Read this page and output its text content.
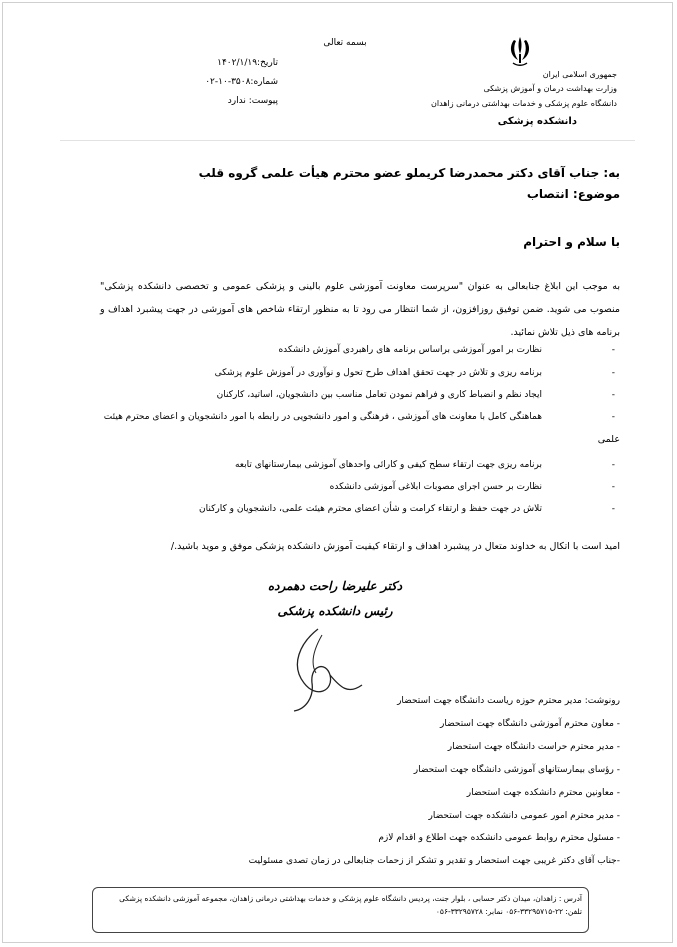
بسمه تعالی
جمهوری اسلامی ایران
وزارت بهداشت درمان و آموزش پزشکی
دانشگاه علوم پزشکی و خدمات بهداشتی درمانی زاهدان
دانشکده پزشکی
تاریخ:۱۴۰۲/۱/۱۹
شماره:۳۵۰۸-۱۰-۰۲
پیوست: ندارد
به: جناب آقای دکتر محمدرضا کریملو عضو محترم هیأت علمی گروه قلب
موضوع: انتصاب
با سلام و احترام
به موجب این ابلاغ جنابعالی به عنوان "سرپرست معاونت آموزشی علوم بالینی و پزشکی عمومی و تخصصی دانشکده پزشکی" منصوب می شوید. ضمن توفیق روزافزون، از شما انتظار می رود تا به منظور ارتقاء شاخص های آموزشی در جهت پیشبرد اهداف و برنامه های ذیل تلاش نمائید.
-
نظارت بر امور آموزشی براساس برنامه های راهبردی آموزش دانشکده
-
برنامه ریزی و تلاش در جهت تحقق اهداف طرح تحول و نوآوری در آموزش علوم پزشکی
-
ایجاد نظم و انضباط کاری و فراهم نمودن تعامل مناسب بین دانشجویان، اساتید، کارکنان
-
هماهنگی کامل با معاونت های آموزشی ، فرهنگی و امور دانشجویی در رابطه با امور دانشجویان و اعضای محترم هیئت
علمی
-
برنامه ریزی جهت ارتقاء سطح کیفی و کارائی واحدهای آموزشی بیمارستانهای تابعه
-
نظارت بر حسن اجرای مصوبات ابلاغی آموزشی دانشکده
-
تلاش در جهت حفظ و ارتقاء کرامت و شأن اعضای محترم هیئت علمی، دانشجویان و کارکنان
امید است با اتکال به خداوند متعال در پیشبرد اهداف و ارتقاء کیفیت آموزش دانشکده پزشکی موفق و موید باشید./
دکتر علیرضا راحت دهمرده
رئیس دانشکده پزشکی
رونوشت: مدیر محترم حوزه ریاست دانشگاه جهت استحضار
- معاون محترم آموزشی دانشگاه جهت استحضار
- مدیر محترم حراست دانشگاه جهت استحضار
- رؤسای بیمارستانهای آموزشی دانشگاه جهت استحضار
- معاونین محترم دانشکده جهت استحضار
- مدیر محترم امور عمومی دانشکده جهت استحضار
- مسئول محترم روابط عمومی دانشکده جهت اطلاع و اقدام لازم
-جناب آقای دکتر غریبی جهت استحضار و تقدیر و تشکر از زحمات جنابعالی در زمان تصدی مسئولیت
آدرس : زاهدان، میدان دکتر حسابی ، بلوار جنت، پردیس دانشگاه علوم پزشکی و خدمات بهداشتی درمانی زاهدان، مجموعه آموزشی دانشکده پزشکی
تلفن: ۲۲-۳۳۲۹۵۷۱۵-۰۵۶ نمابر: ۳۳۲۹۵۷۲۸-۰۵۶
